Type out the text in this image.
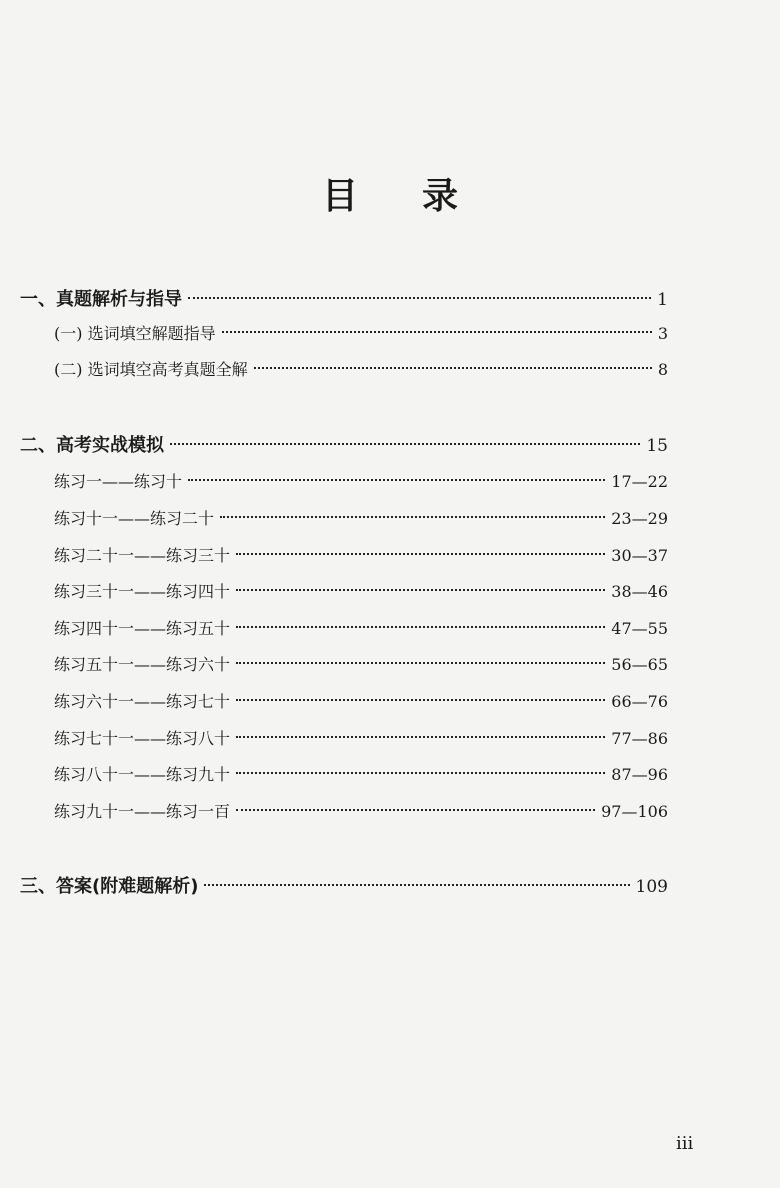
目 录
一、真题解析与指导	1
(一) 选词填空解题指导	3
(二) 选词填空高考真题全解	8
二、高考实战模拟	15
练习一——练习十	17—22
练习十一——练习二十	23—29
练习二十一——练习三十	30—37
练习三十一——练习四十	38—46
练习四十一——练习五十	47—55
练习五十一——练习六十	56—65
练习六十一——练习七十	66—76
练习七十一——练习八十	77—86
练习八十一——练习九十	87—96
练习九十一——练习一百	97—106
三、答案(附难题解析)	109
iii
